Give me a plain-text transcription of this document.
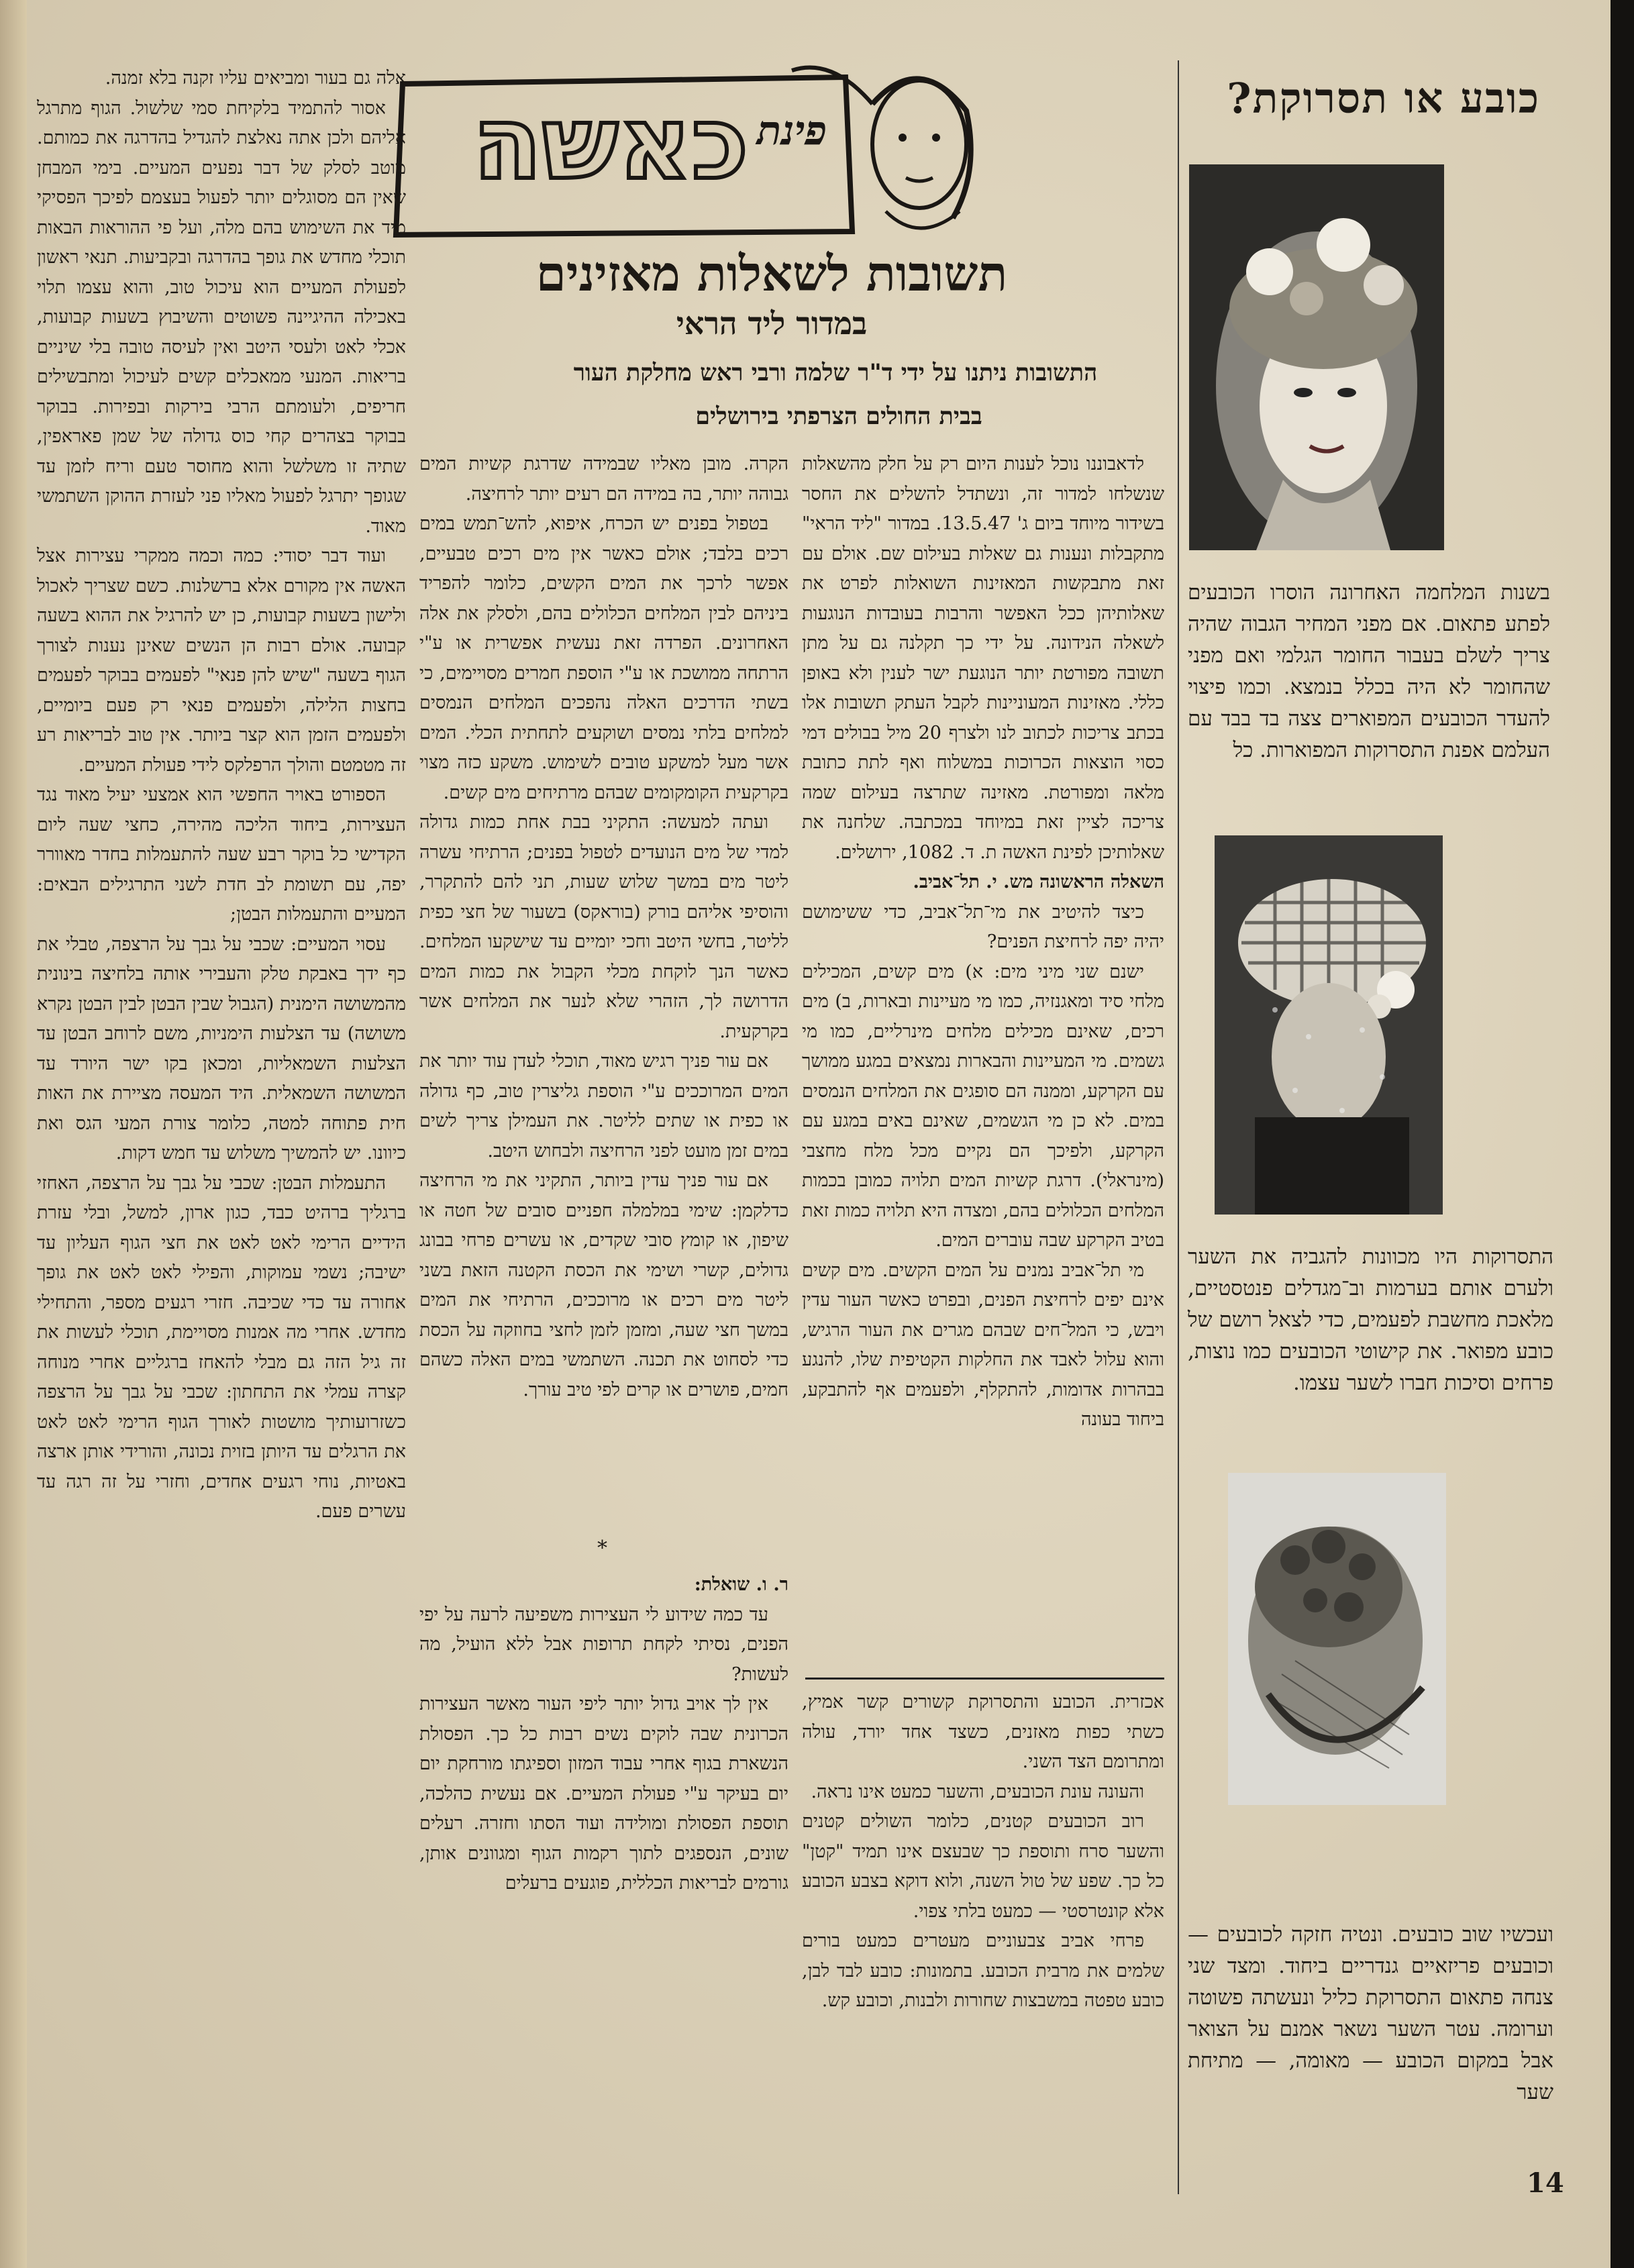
כובע או תסרוקת?
בשנות המלחמה האחרונה הוסרו הכובעים לפתע פתאום. אם מפני המחיר הגבוה שהיה צריך לשלם בעבור החומר הגלמי ואם מפני שהחומר לא היה בכלל בנמצא. וכמו פיצוי להעדר הכובעים המפוארים צצה בד בבד עם העלמם אפנת התסרוקות המפוארות. כל
התסרוקות היו מכוונות להגביה את השער ולערם אותם בערמות וב־מגדלים פנטסטיים, מלאכת מחשבת לפעמים, כדי לצאל רושם של כובע מפואר. את קישוטי הכובעים כמו נוצות, פרחים וסיכות חברו לשער עצמו.
ועכשיו שוב כובעים. ונטיה חזקה לכובעים — וכובעים פריזאיים גנדריים ביחוד. ומצד שני צנחה פתאום התסרוקת כליל ונעשתה פשוטה וערומה. עטר השער נשאר אמנם על הצואר אבל במקום הכובע — מאומה, — מתיחת שער
פינת
כאשה
תשובות לשאלות מאזינים
במדור ליד הראי
התשובות ניתנו על ידי ד"ר שלמה ורבי ראש מחלקת העור
בבית החולים הצרפתי בירושלים

לדאבוננו נוכל לענות היום רק על חלק מהשאלות שנשלחו למדור זה, ונשתדל להשלים את החסר בשידור מיוחד ביום ג' 13.5.47. במדור "ליד הראי" מתקבלות ונענות גם שאלות בעילום שם. אולם עם זאת מתבקשות המאזינות השואלות לפרט את שאלותיהן ככל האפשר והרבות בעובדות הנוגעות לשאלה הנידונה. על ידי כך תקלנה גם על מתן תשובה מפורטת יותר הנוגעת ישר לענין ולא באופן כללי. מאזינות המעוניינות לקבל העתק תשובות אלו בכתב צריכות לכתוב לנו ולצרף 20 מיל בבולים דמי כסוי הוצאות הכרוכות במשלוח ואף לתת כתובת מלאה ומפורטת. מאזינה שתרצה בעילום שמה צריכה לציין זאת במיוחד במכתבה. שלחנה את שאלותיכן לפינת האשה ת. ד. 1082, ירושלים.

השאלה הראשונה מש. י. תל־אביב.

כיצד להיטיב את מי־תל־אביב, כדי ששימושם יהיה יפה לרחיצת הפנים?

ישנם שני מיני מים: א) מים קשים, המכילים מלחי סיד ומאגנזיה, כמו מי מעיינות ובארות, ב) מים רכים, שאינם מכילים מלחים מינרליים, כמו מי גשמים. מי המעיינות והבארות נמצאים במגע ממושך עם הקרקע, וממנה הם סופגים את המלחים הנמסים במים. לא כן מי הגשמים, שאינם באים במגע עם הקרקע, ולפיכך הם נקיים מכל מלח מחצבי (מינראלי). דרגת קשיות המים תלויה כמובן בכמות המלחים הכלולים בהם, ומצדה היא תלויה כמות זאת בטיב הקרקע שבה עוברים המים.

מי תל־אביב נמנים על המים הקשים. מים קשים אינם יפים לרחיצת הפנים, ובפרט כאשר העור עדין ויבש, כי המל־חים שבהם מגרים את העור הרגיש, והוא עלול לאבד את החלקות הקטיפית שלו, להנגע בבהרות אדומות, להתקלף, ולפעמים אף להתבקע, ביחוד בעונה

אכזרית. הכובע והתסרוקת קשורים קשר אמיץ, כשתי כפות מאזנים, כשצד אחד יורד, עולה ומתרומם הצד השני.

והעונה עונת הכובעים, והשער כמעט אינו נראה.

רוב הכובעים קטנים, כלומר השולים קטנים והשער סרח ותוספת כך שבעצם אינו תמיד "קטן" כל כך. שפע של טול השנה, ולוא דוקא בצבע הכובע אלא קונטרסטי — כמעט בלתי צפוי.

פרחי אביב צבעוניים מעטרים כמעט בורים שלמים את מרבית הכובע. בתמונות: כובע לבד לבן, כובע טפטה במשבצות שחורות ולבנות, וכובע קש.

הקרה. מובן מאליו שבמידה שדרגת קשיות המים גבוהה יותר, בה במידה הם רעים יותר לרחיצה.

בטפול בפנים יש הכרח, איפוא, להש־תמש במים רכים בלבד; אולם כאשר אין מים רכים טבעיים, אפשר לרכך את המים הקשים, כלומר להפריד ביניהם לבין המלחים הכלולים בהם, ולסלק את אלה האחרונים. הפרדה זאת נעשית אפשרית או ע"י הרתחה ממושכת או ע"י הוספת חמרים מסויימים, כי בשתי הדרכים האלה נהפכים המלחים הנמסים למלחים בלתי נמסים ושוקעים לתחתית הכלי. המים אשר מעל למשקע טובים לשימוש. משקע כזה מצוי בקרקעית הקומקומים שבהם מרתיחים מים קשים.

ועתה למעשה: התקיני בבת אחת כמות גדולה למדי של מים הנועדים לטפול בפנים; הרתיחי עשרה ליטר מים במשך שלוש שעות, תני להם להתקרר, והוסיפי אליהם בורק (בוראקס) בשעור של חצי כפית לליטר, בחשי היטב וחכי יומיים עד שישקעו המלחים. כאשר הנך לוקחת מכלי הקבול את כמות המים הדרושה לך, הזהרי שלא לנער את המלחים אשר בקרקעית.

אם עור פניך רגיש מאוד, תוכלי לעדן עוד יותר את המים המרוככים ע"י הוספת גליצרין טוב, כף גדולה או כפית או שתים לליטר. את העמילן צריך לשים במים זמן מועט לפני הרחיצה ולבחוש היטב.

אם עור פניך עדין ביותר, התקיני את מי הרחיצה כדלקמן: שימי במלמלה חפניים סובים של חטה או שיפון, או קומץ סובי שקדים, או עשרים פרחי בבונג גדולים, קשרי ושימי את הכסת הקטנה הזאת בשני ליטר מים רכים או מרוככים, הרתיחי את המים במשך חצי שעה, ומזמן לזמן לחצי בחוזקה על הכסת כדי לסחוט את תכנה. השתמשי במים האלה כשהם חמים, פושרים או קרים לפי טיב עורך.

*

ר. ו. שואלת:

עד כמה שידוע לי העצירות משפיעה לרעה על יפי הפנים, נסיתי לקחת תרופות אבל ללא הועיל, מה לעשות?

אין לך אויב גדול יותר ליפי העור מאשר העצירות הכרונית שבה לוקים נשים רבות כל כך. הפסולת הנשארת בגוף אחרי עבוד המזון וספיגתו מורחקת יום יום בעיקר ע"י פעולת המעיים. אם נעשית כהלכה, תוספת הפסולת ומולידה ועוד הסתו וחזרה. רעלים שונים, הנספגים לתוך רקמות הגוף ומגוונים אותן, גורמים לבריאות הכללית, פוגעים ברעלים

אלה גם בעור ומביאים עליו זקנה בלא זמנה.

אסור להתמיד בלקיחת סמי שלשול. הגוף מתרגל אליהם ולכן אתה נאלצת להגדיל בהדרגה את כמותם. מוטב לסלק של דבר נפעים המעיים. בימי המבחן שאין הם מסוגלים יותר לפעול בעצמם לפיכך הפסיקי מיד את השימוש בהם מלה, ועל פי ההוראות הבאות תוכלי מחדש את גופך בהדרגה ובקביעות. תנאי ראשון לפעולת המעיים הוא עיכול טוב, והוא עצמו תלוי באכילה ההיגיינה פשוטים והשיבוץ בשעות קבועות, אכלי לאט ולעסי היטב ואין לעיסה טובה בלי שיניים בריאות. המנעי ממאכלים קשים לעיכול ומתבשילים חריפים, ולעומתם הרבי בירקות ובפירות. בבוקר בבוקר בצהרים קחי כוס גדולה של שמן פאראפין, שתיה זו משלשל והוא מחוסר טעם וריח לזמן עד שגופך יתרגל לפעול מאליו פני לעזרת ההוקן השתמשי מאוד.

ועוד דבר יסודי: כמה וכמה ממקרי עצירות אצל האשה אין מקורם אלא ברשלנות. כשם שצריך לאכול ולישון בשעות קבועות, כן יש להרגיל את ההוא בשעה קבועה. אולם רבות הן הנשים שאינן נענות לצורך הגוף בשעה "שיש להן פנאי" לפעמים בבוקר לפעמים בחצות הלילה, ולפעמים פנאי רק פעם ביומיים, ולפעמים הזמן הוא קצר ביותר. אין טוב לבריאות רע זה מטמטם והולך הרפלקס לידי פעולת המעיים.

הספורט באויר החפשי הוא אמצעי יעיל מאוד נגד העצירות, ביחוד הליכה מהירה, כחצי שעה ליום הקדישי כל בוקר רבע שעה להתעמלות בחדר מאוורר יפה, עם תשומת לב חדת לשני התרגילים הבאים: המעיים והתעמלות הבטן;

עסוי המעיים: שכבי על גבך על הרצפה, טבלי את כף ידך באבקת טלק והעבירי אותה בלחיצה בינונית מהמשושה הימנית (הגבול שבין הבטן לבין הבטן נקרא משושה) עד הצלעות הימניות, משם לרוחב הבטן עד הצלעות השמאליות, ומכאן בקו ישר היורד עד המשושה השמאלית. היד המעסה מציירת את האות חית פתוחה למטה, כלומר צורת המעי הגס ואת כיוונו. יש להמשיך משלוש עד חמש דקות.

התעמלות הבטן: שכבי על גבך על הרצפה, האחזי ברגליך ברהיט כבד, כגון ארון, למשל, ובלי עזרת הידיים הרימי לאט לאט את חצי הגוף העליון עד ישיבה; נשמי עמוקות, והפילי לאט לאט את גופך אחורה עד כדי שכיבה. חזרי רגעים מספר, והתחילי מחדש. אחרי מה אמנות מסויימת, תוכלי לעשות את זה גיל הזה גם מבלי להאחז ברגליים אחרי מנוחה קצרה עמלי את התחתון: שכבי על גבך על הרצפה כשזרועותיך מושטות לאורך הגוף הרימי לאט לאט את הרגלים עד היותן בזוית נכונה, והורידי אותן ארצה באטיות, נוחי רגעים אחדים, וחזרי על זה רגה עד עשרים פעם.

14
